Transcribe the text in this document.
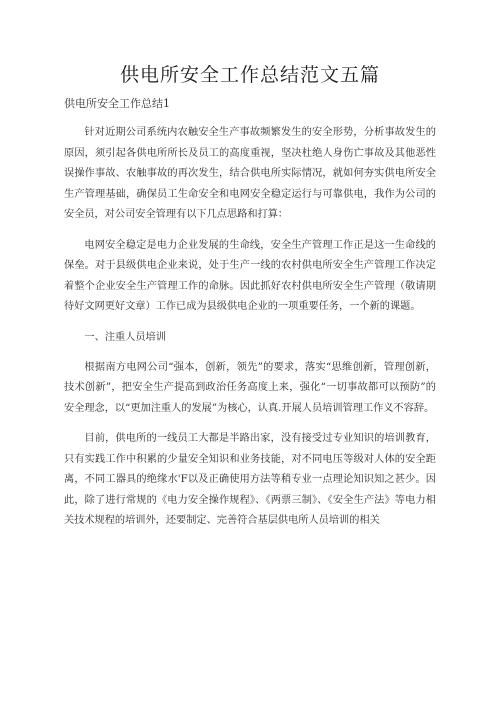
供电所安全工作总结范文五篇

供电所安全工作总结1

针对近期公司系统内农触安全生产事故频繁发生的安全形势，分析事故发生的原因，须引起各供电所所长及员工的高度重视，坚决杜绝人身伤亡事故及其他恶性误操作事故、农触事故的再次发生，结合供电所实际情况，就如何夯实供电所安全生产管理基础，确保员工生命安全和电网安全稳定运行与可靠供电，我作为公司的安全员，对公司安全管理有以下几点思路和打算：

电网安全稳定是电力企业发展的生命线，安全生产管理工作正是这一生命线的保垒。对于县级供电企业来说，处于生产一线的农村供电所安全生产管理工作决定着整个企业安全生产管理工作的命脉。因此抓好农村供电所安全生产管理（敬请期待好文网更好文章）工作已成为县级供电企业的一项重要任务，一个新的课题。

一、注重人员培训

根据南方电网公司“强本，创新，领先”的要求，落实“思维创新，管理创新，技术创新”，把安全生产提高到政治任务高度上来，强化“一切事故都可以预防”的安全理念，以“更加注重人的发展”为核心，认真.开展人员培训管理工作义不容辞。

目前，供电所的一线员工大都是半路出家，没有接受过专业知识的培训教育，只有实践工作中积累的少量安全知识和业务技能，对不同电压等级对人体的安全距离，不同工器具的绝缘水'F以及正确使用方法等稍专业一点理论知识知之甚少。因此，除了进行常规的《电力安全操作规程》、《两票三制》、《安全生产法》等电力相关技术规程的培训外，还要制定、完善符合基层供电所人员培训的相关
